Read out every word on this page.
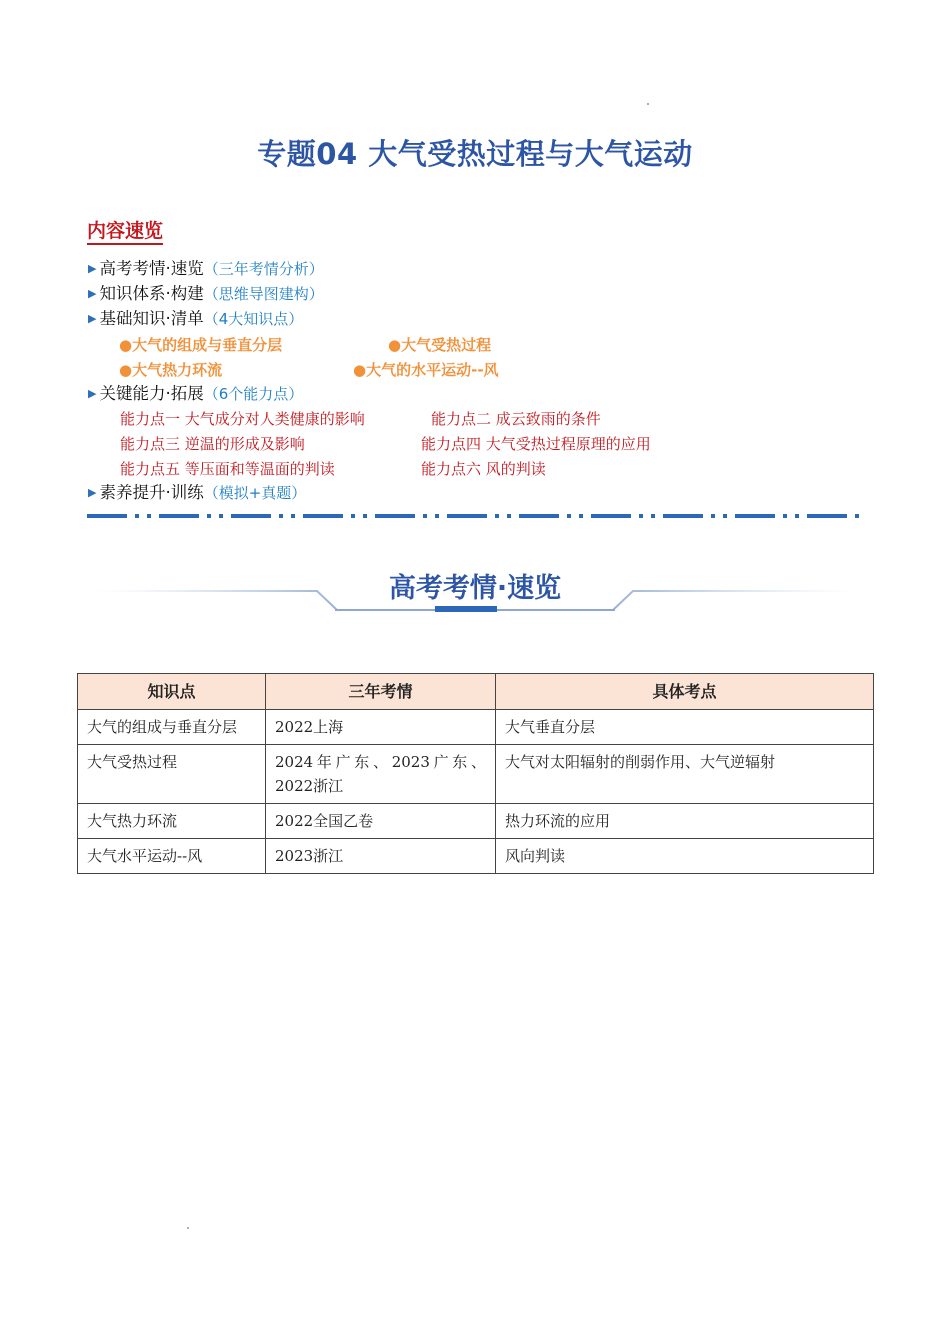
专题04 大气受热过程与大气运动
内容速览
▶ 高考考情·速览（三年考情分析）
▶ 知识体系·构建（思维导图建构）
▶ 基础知识·清单（4大知识点）
●大气的组成与垂直分层	●大气受热过程
●大气热力环流	●大气的水平运动--风
▶ 关键能力·拓展（6个能力点）
能力点一 大气成分对人类健康的影响	能力点二 成云致雨的条件
能力点三 逆温的形成及影响	能力点四 大气受热过程原理的应用
能力点五 等压面和等温面的判读	能力点六 风的判读
▶ 素养提升·训练（模拟+真题）
高考考情·速览
知识点	三年考情	具体考点
大气的组成与垂直分层	2022上海	大气垂直分层
大气受热过程	2024年广东、2023广东、2022浙江	大气对太阳辐射的削弱作用、大气逆辐射
大气热力环流	2022全国乙卷	热力环流的应用
大气水平运动--风	2023浙江	风向判读
